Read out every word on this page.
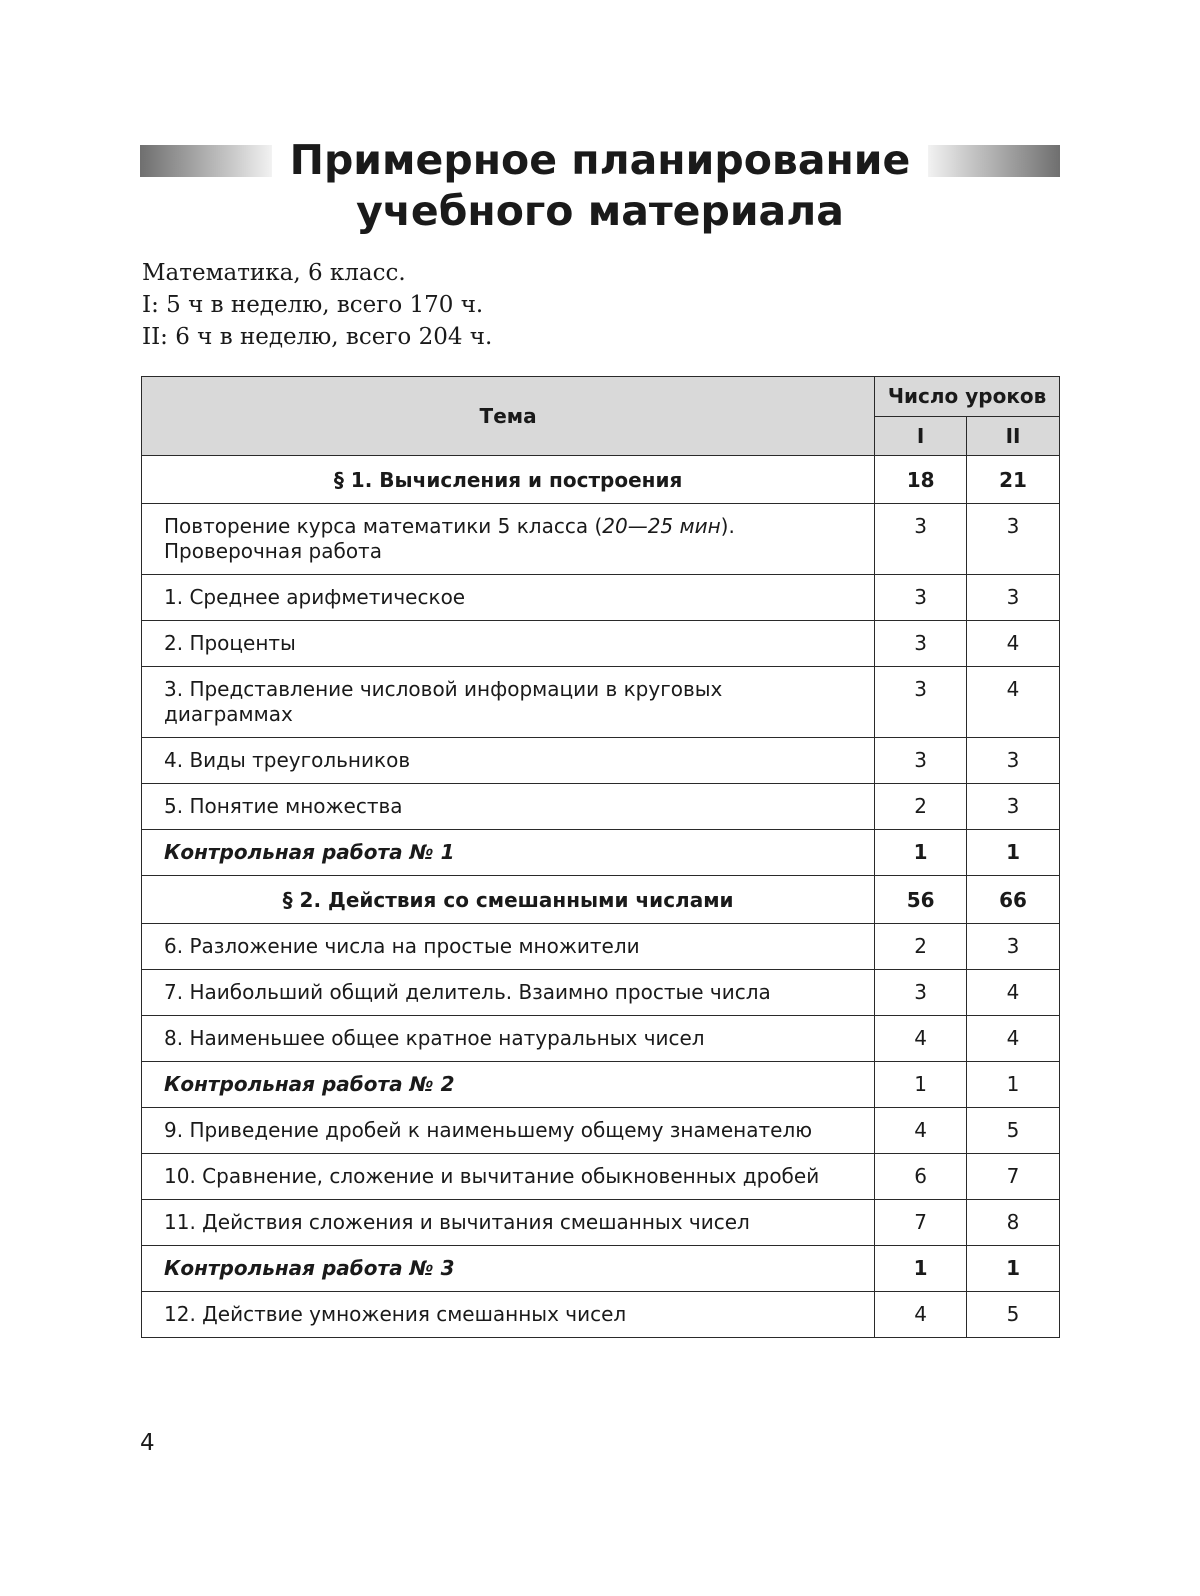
Примерное планирование
учебного материала
Математика, 6 класс.
I: 5 ч в неделю, всего 170 ч.
II: 6 ч в неделю, всего 204 ч.
Тема	Число уроков	
	I	II
§ 1. Вычисления и построения	18	21
Повторение курса математики 5 класса (20—25 мин). Проверочная работа	3	3
1. Среднее арифметическое	3	3
2. Проценты	3	4
3. Представление числовой информации в круговых диаграммах	3	4
4. Виды треугольников	3	3
5. Понятие множества	2	3
Контрольная работа № 1	1	1
§ 2. Действия со смешанными числами	56	66
6. Разложение числа на простые множители	2	3
7. Наибольший общий делитель. Взаимно простые числа	3	4
8. Наименьшее общее кратное натуральных чисел	4	4
Контрольная работа № 2	1	1
9. Приведение дробей к наименьшему общему знаменателю	4	5
10. Сравнение, сложение и вычитание обыкновенных дробей	6	7
11. Действия сложения и вычитания смешанных чисел	7	8
Контрольная работа № 3	1	1
12. Действие умножения смешанных чисел	4	5
4
